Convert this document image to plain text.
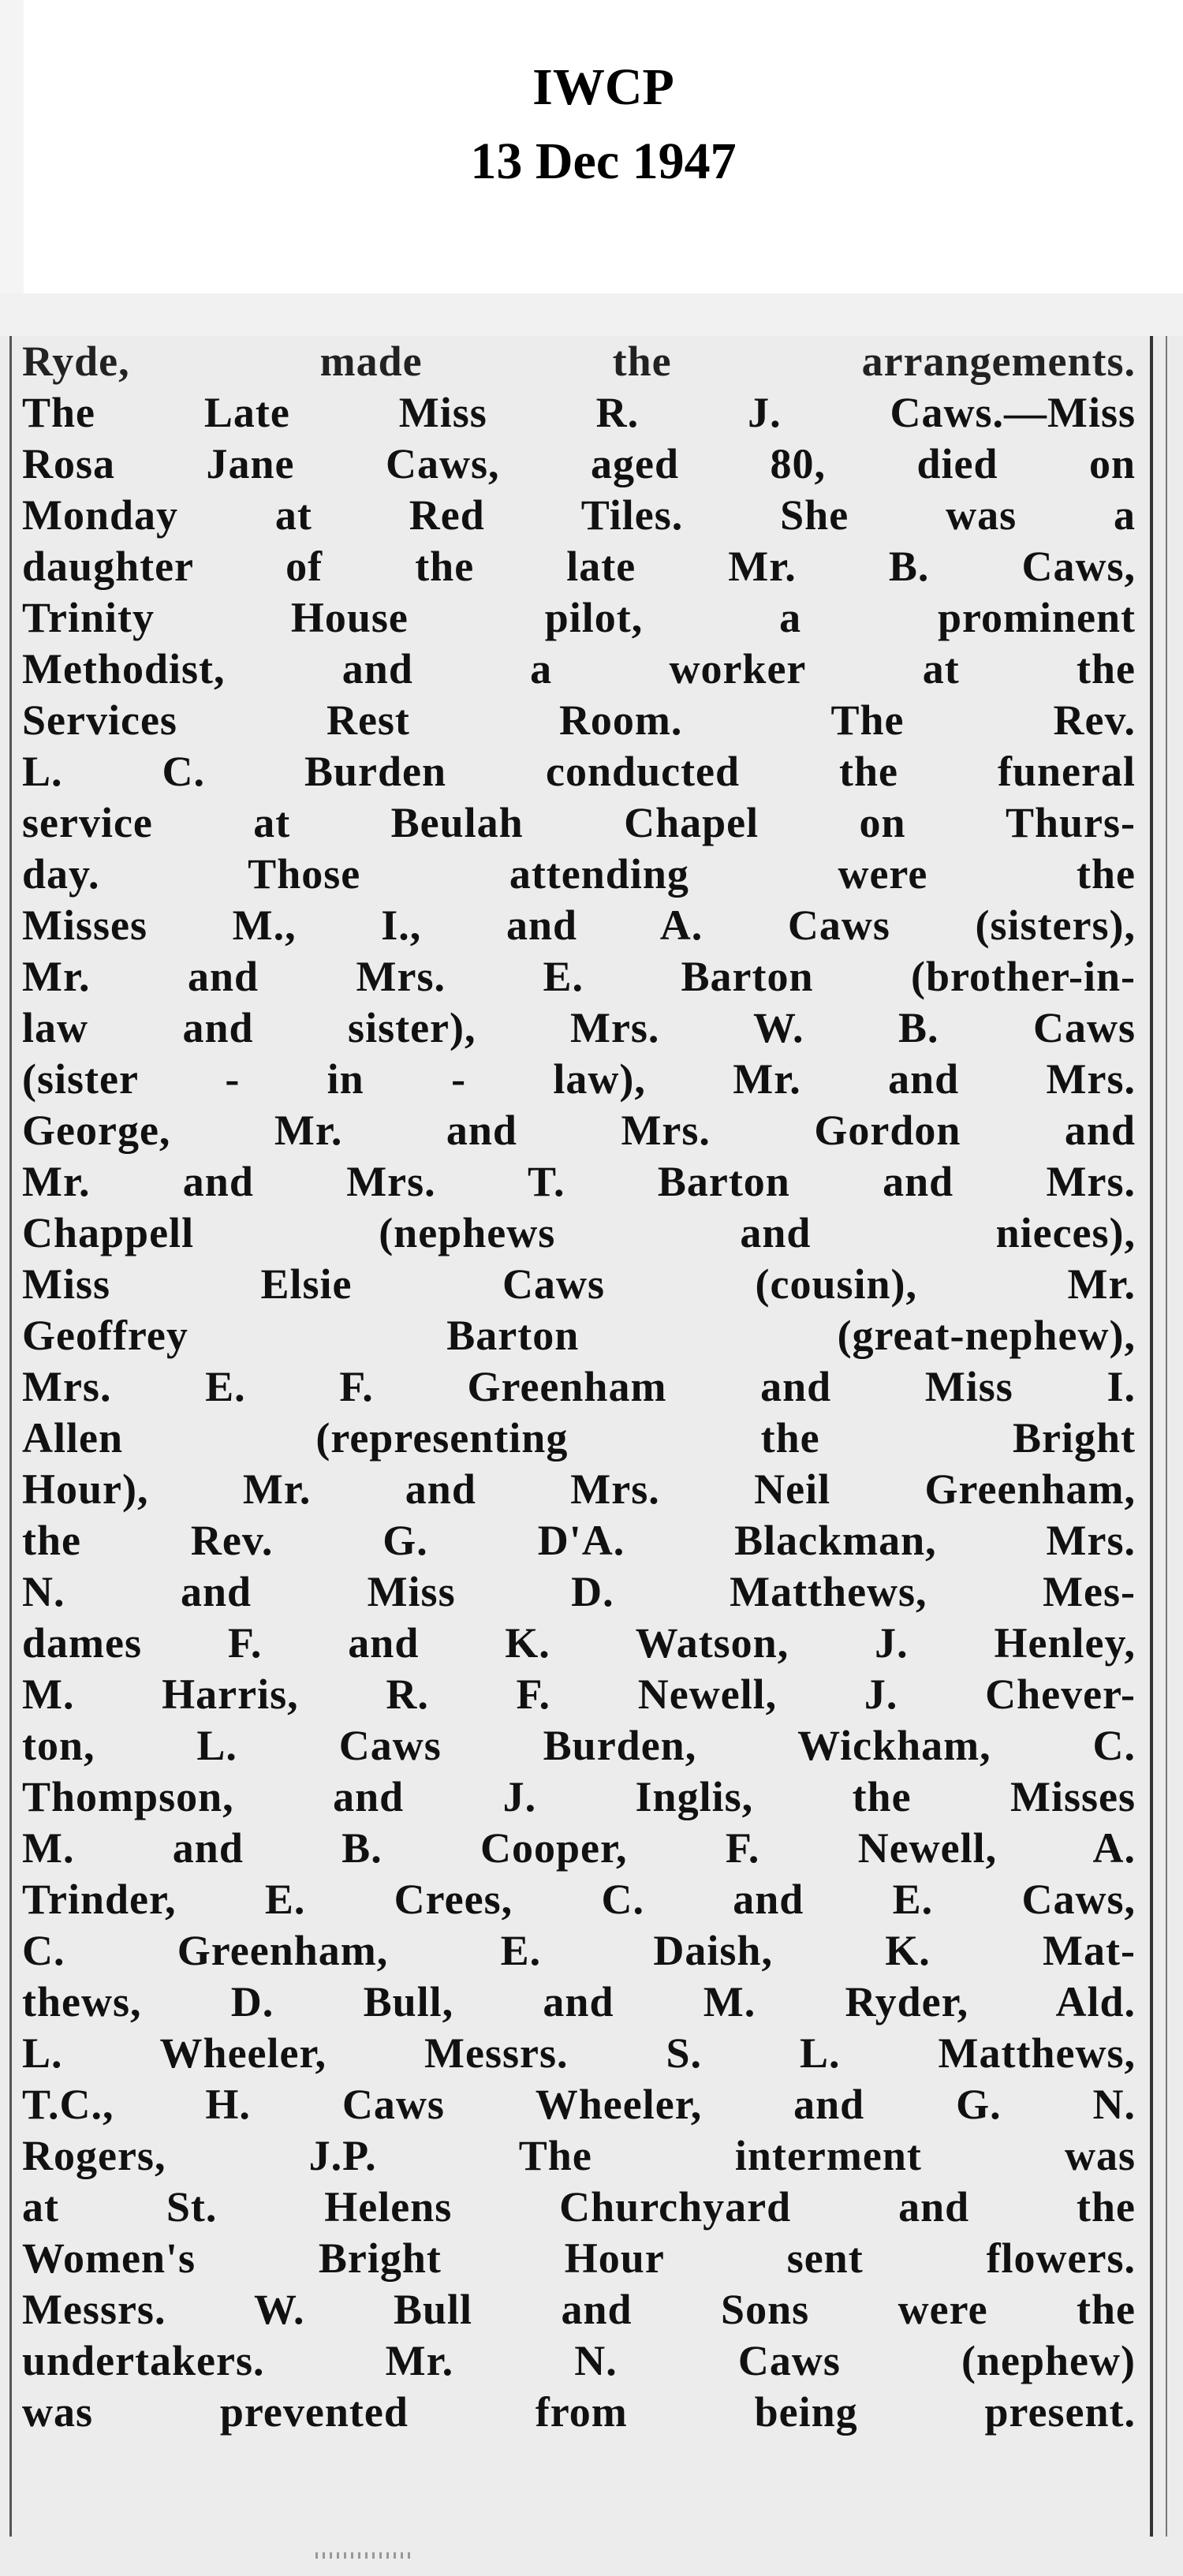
IWCP
13 Dec 1947
Ryde, made the arrangements.
The Late Miss R. J. Caws.—Miss
Rosa Jane Caws, aged 80, died on
Monday at Red Tiles. She was a
daughter of the late Mr. B. Caws,
Trinity House pilot, a prominent
Methodist, and a worker at the
Services Rest Room. The Rev.
L. C. Burden conducted the funeral
service at Beulah Chapel on Thurs-
day. Those attending were the
Misses M., I., and A. Caws (sisters),
Mr. and Mrs. E. Barton (brother-in-
law and sister), Mrs. W. B. Caws
(sister - in - law), Mr. and Mrs.
George, Mr. and Mrs. Gordon and
Mr. and Mrs. T. Barton and Mrs.
Chappell (nephews and nieces),
Miss Elsie Caws (cousin), Mr.
Geoffrey Barton (great-nephew),
Mrs. E. F. Greenham and Miss I.
Allen (representing the Bright
Hour), Mr. and Mrs. Neil Greenham,
the Rev. G. D'A. Blackman, Mrs.
N. and Miss D. Matthews, Mes-
dames F. and K. Watson, J. Henley,
M. Harris, R. F. Newell, J. Chever-
ton, L. Caws Burden, Wickham, C.
Thompson, and J. Inglis, the Misses
M. and B. Cooper, F. Newell, A.
Trinder, E. Crees, C. and E. Caws,
C. Greenham, E. Daish, K. Mat-
thews, D. Bull, and M. Ryder, Ald.
L. Wheeler, Messrs. S. L. Matthews,
T.C., H. Caws Wheeler, and G. N.
Rogers, J.P. The interment was
at St. Helens Churchyard and the
Women's Bright Hour sent flowers.
Messrs. W. Bull and Sons were the
undertakers. Mr. N. Caws (nephew)
was prevented from being present.
